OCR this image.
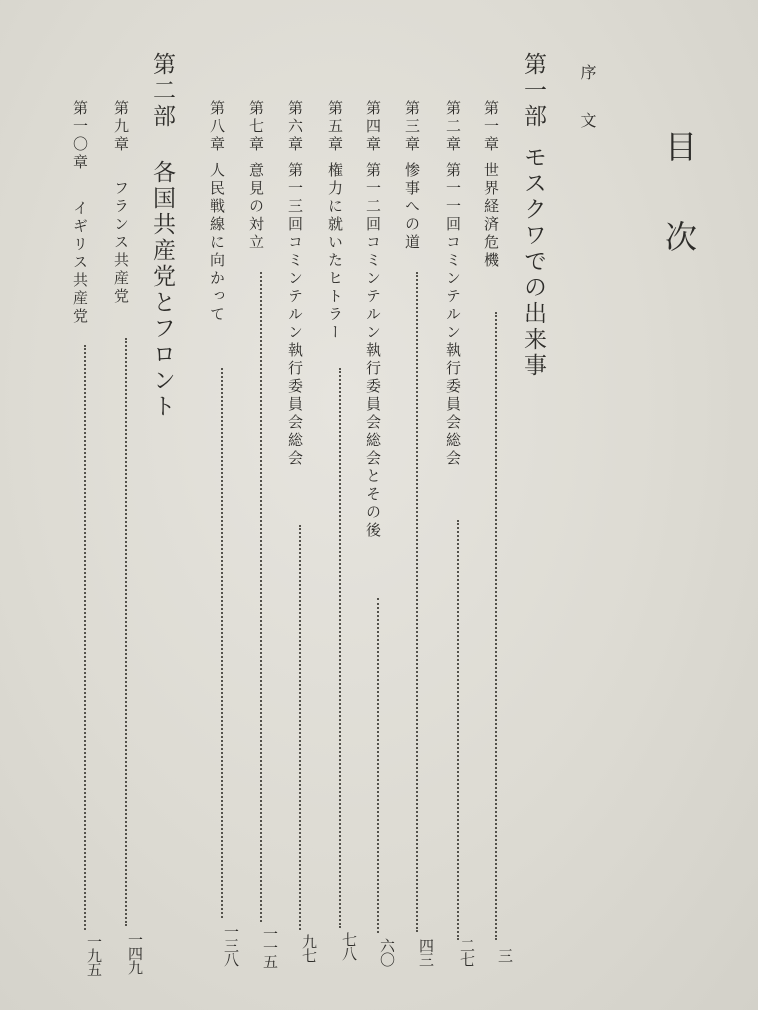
目次
序文
第一部
モスクワでの出来事
第一章
世界経済危機
三
第二章
第一一回コミンテルン執行委員会総会
二七
第三章
惨事への道
四三
第四章
第一二回コミンテルン執行委員会総会とその後
六〇
第五章
権力に就いたヒトラー
七八
第六章
第一三回コミンテルン執行委員会総会
九七
第七章
意見の対立
一一五
第八章
人民戦線に向かって
一三八
第二部
各国共産党とフロント
第九章
フランス共産党
一四九
第一〇章
イギリス共産党
一九五
